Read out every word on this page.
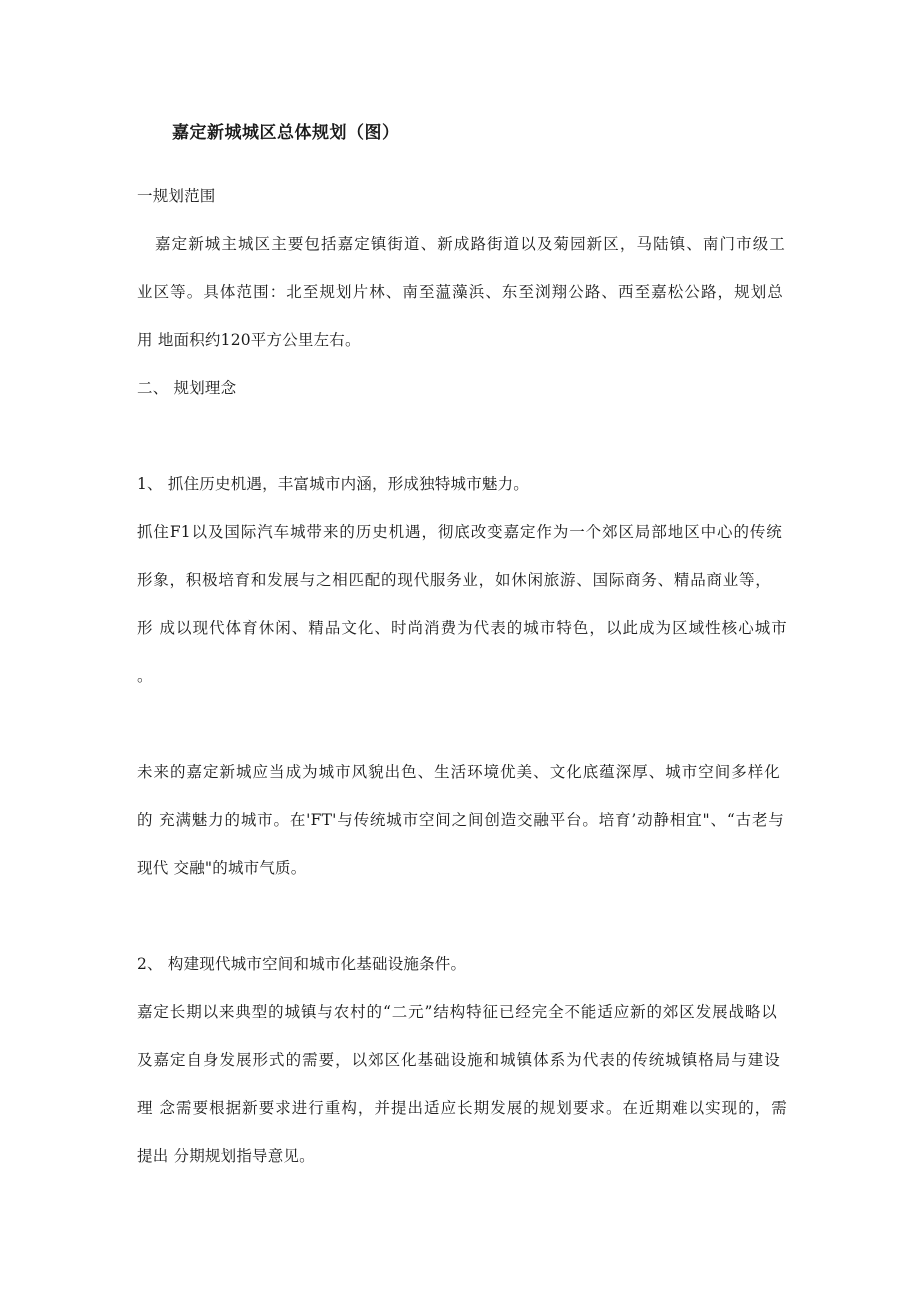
嘉定新城城区总体规划（图）
一规划范围
嘉定新城主城区主要包括嘉定镇街道、新成路街道以及菊园新区，马陆镇、南门市级工
业区等。具体范围：北至规划片林、南至蕰藻浜、东至浏翔公路、西至嘉松公路，规划总
用 地面积约120平方公里左右。
二、 规划理念
1、 抓住历史机遇，丰富城市内涵，形成独特城市魅力。
抓住F1以及国际汽车城带来的历史机遇，彻底改变嘉定作为一个郊区局部地区中心的传统
形象，积极培育和发展与之相匹配的现代服务业，如休闲旅游、国际商务、精品商业等，
形 成以现代体育休闲、精品文化、时尚消费为代表的城市特色，以此成为区域性核心城市
。
未来的嘉定新城应当成为城市风貌出色、生活环境优美、文化底蕴深厚、城市空间多样化
的 充满魅力的城市。在'FT'与传统城市空间之间创造交融平台。培育’动静相宜"、“古老与
现代 交融"的城市气质。
2、 构建现代城市空间和城市化基础设施条件。
嘉定长期以来典型的城镇与农村的“二元”结构特征已经完全不能适应新的郊区发展战略以
及嘉定自身发展形式的需要，以郊区化基础设施和城镇体系为代表的传统城镇格局与建设
理 念需要根据新要求进行重构，并提出适应长期发展的规划要求。在近期难以实现的，需
提出 分期规划指导意见。
